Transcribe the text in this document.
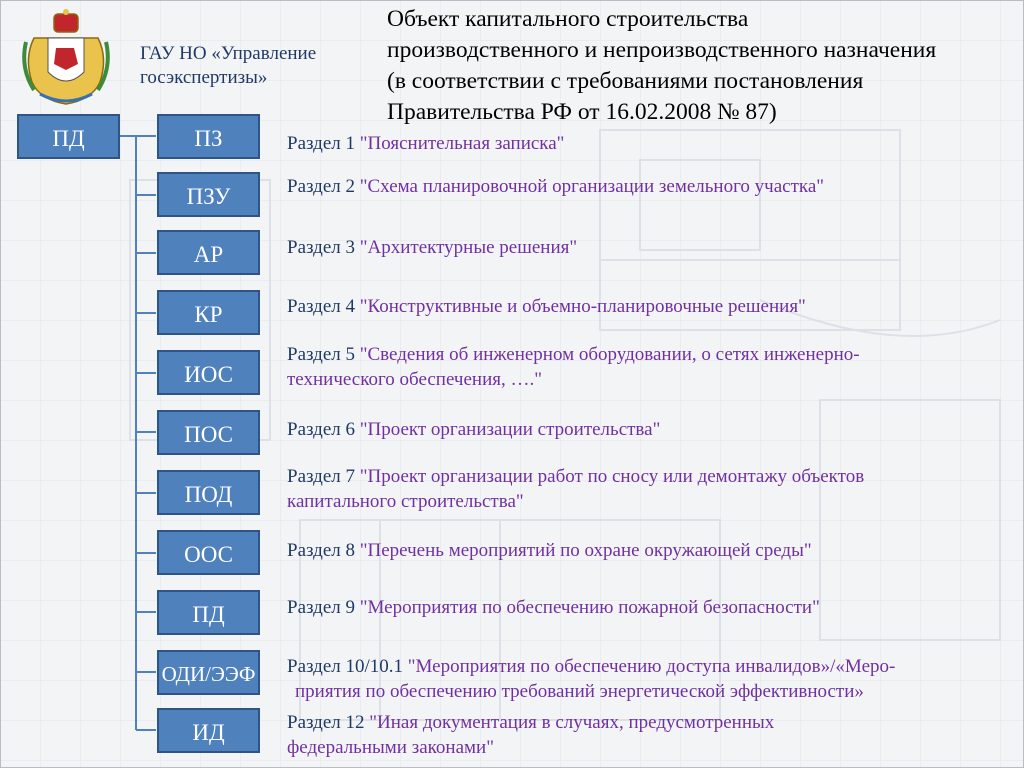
ГАУ НО «Управление
госэкспертизы»
Объект капитального строительства
производственного и непроизводственного назначения
(в соответствии с требованиями постановления
Правительства РФ от 16.02.2008 № 87)
ПД	ПЗ
ПЗУ
АР
КР
ИОС
ПОС
ПОД
ООС
ПД
ОДИ/ЭЭФ
ИД
Раздел 1 "Пояснительная записка"
Раздел 2 "Схема планировочной организации земельного участка"
Раздел 3 "Архитектурные решения"
Раздел 4 "Конструктивные и объемно-планировочные решения"
Раздел 5 "Сведения об инженерном оборудовании, о сетях инженерно-
технического обеспечения, …."
Раздел 6 "Проект организации строительства"
Раздел 7 "Проект организации работ по сносу или демонтажу объектов
капитального строительства"
Раздел 8 "Перечень мероприятий по охране окружающей среды"
Раздел 9 "Мероприятия по обеспечению пожарной безопасности"
Раздел 10/10.1 "Мероприятия по обеспечению доступа инвалидов»/«Меро-
приятия по обеспечению требований энергетической эффективности»
Раздел 12 "Иная документация в случаях, предусмотренных
федеральными законами"
